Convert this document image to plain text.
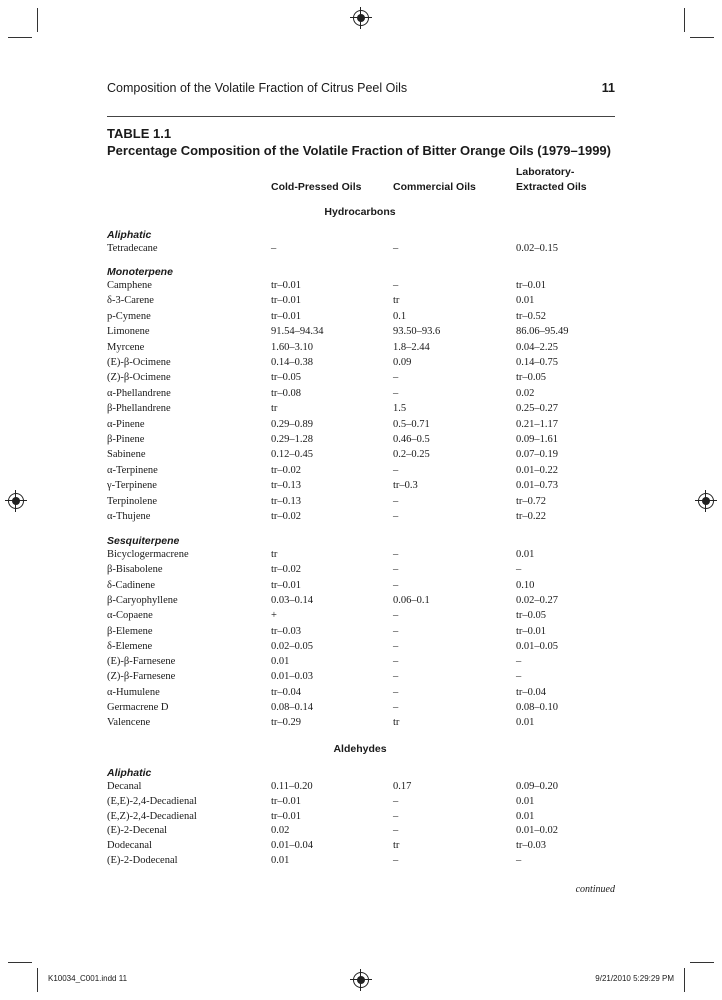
Composition of the Volatile Fraction of Citrus Peel Oils	11
TABLE 1.1
Percentage Composition of the Volatile Fraction of Bitter Orange Oils (1979–1999)
Cold-Pressed Oils	Commercial Oils
Laboratory-
Extracted Oils
Hydrocarbons
Aldehydes
Aliphatic
Monoterpene
Sesquiterpene
Aliphatic
Tetradecane	–	–	0.02–0.15
Camphene	tr–0.01	–	tr–0.01
δ-3-Carene	tr–0.01	tr	0.01
p-Cymene	tr–0.01	0.1	tr–0.52
Limonene	91.54–94.34	93.50–93.6	86.06–95.49
Myrcene	1.60–3.10	1.8–2.44	0.04–2.25
(E)-β-Ocimene	0.14–0.38	0.09	0.14–0.75
(Z)-β-Ocimene	tr–0.05	–	tr–0.05
α-Phellandrene	tr–0.08	–	0.02
β-Phellandrene	tr	1.5	0.25–0.27
α-Pinene	0.29–0.89	0.5–0.71	0.21–1.17
β-Pinene	0.29–1.28	0.46–0.5	0.09–1.61
Sabinene	0.12–0.45	0.2–0.25	0.07–0.19
α-Terpinene	tr–0.02	–	0.01–0.22
γ-Terpinene	tr–0.13	tr–0.3	0.01–0.73
Terpinolene	tr–0.13	–	tr–0.72
α-Thujene	tr–0.02	–	tr–0.22
Bicyclogermacrene	tr	–	0.01
β-Bisabolene	tr–0.02	–	–
δ-Cadinene	tr–0.01	–	0.10
β-Caryophyllene	0.03–0.14	0.06–0.1	0.02–0.27
α-Copaene	+	–	tr–0.05
β-Elemene	tr–0.03	–	tr–0.01
δ-Elemene	0.02–0.05	–	0.01–0.05
(E)-β-Farnesene	0.01	–	–
(Z)-β-Farnesene	0.01–0.03	–	–
α-Humulene	tr–0.04	–	tr–0.04
Germacrene D	0.08–0.14	–	0.08–0.10
Valencene	tr–0.29	tr	0.01
Decanal	0.11–0.20	0.17	0.09–0.20
(E,E)-2,4-Decadienal	tr–0.01	–	0.01
(E,Z)-2,4-Decadienal	tr–0.01	–	0.01
(E)-2-Decenal	0.02	–	0.01–0.02
Dodecanal	0.01–0.04	tr	tr–0.03
(E)-2-Dodecenal	0.01	–	–
continued
K10034_C001.indd 11	9/21/2010 5:29:29 PM
